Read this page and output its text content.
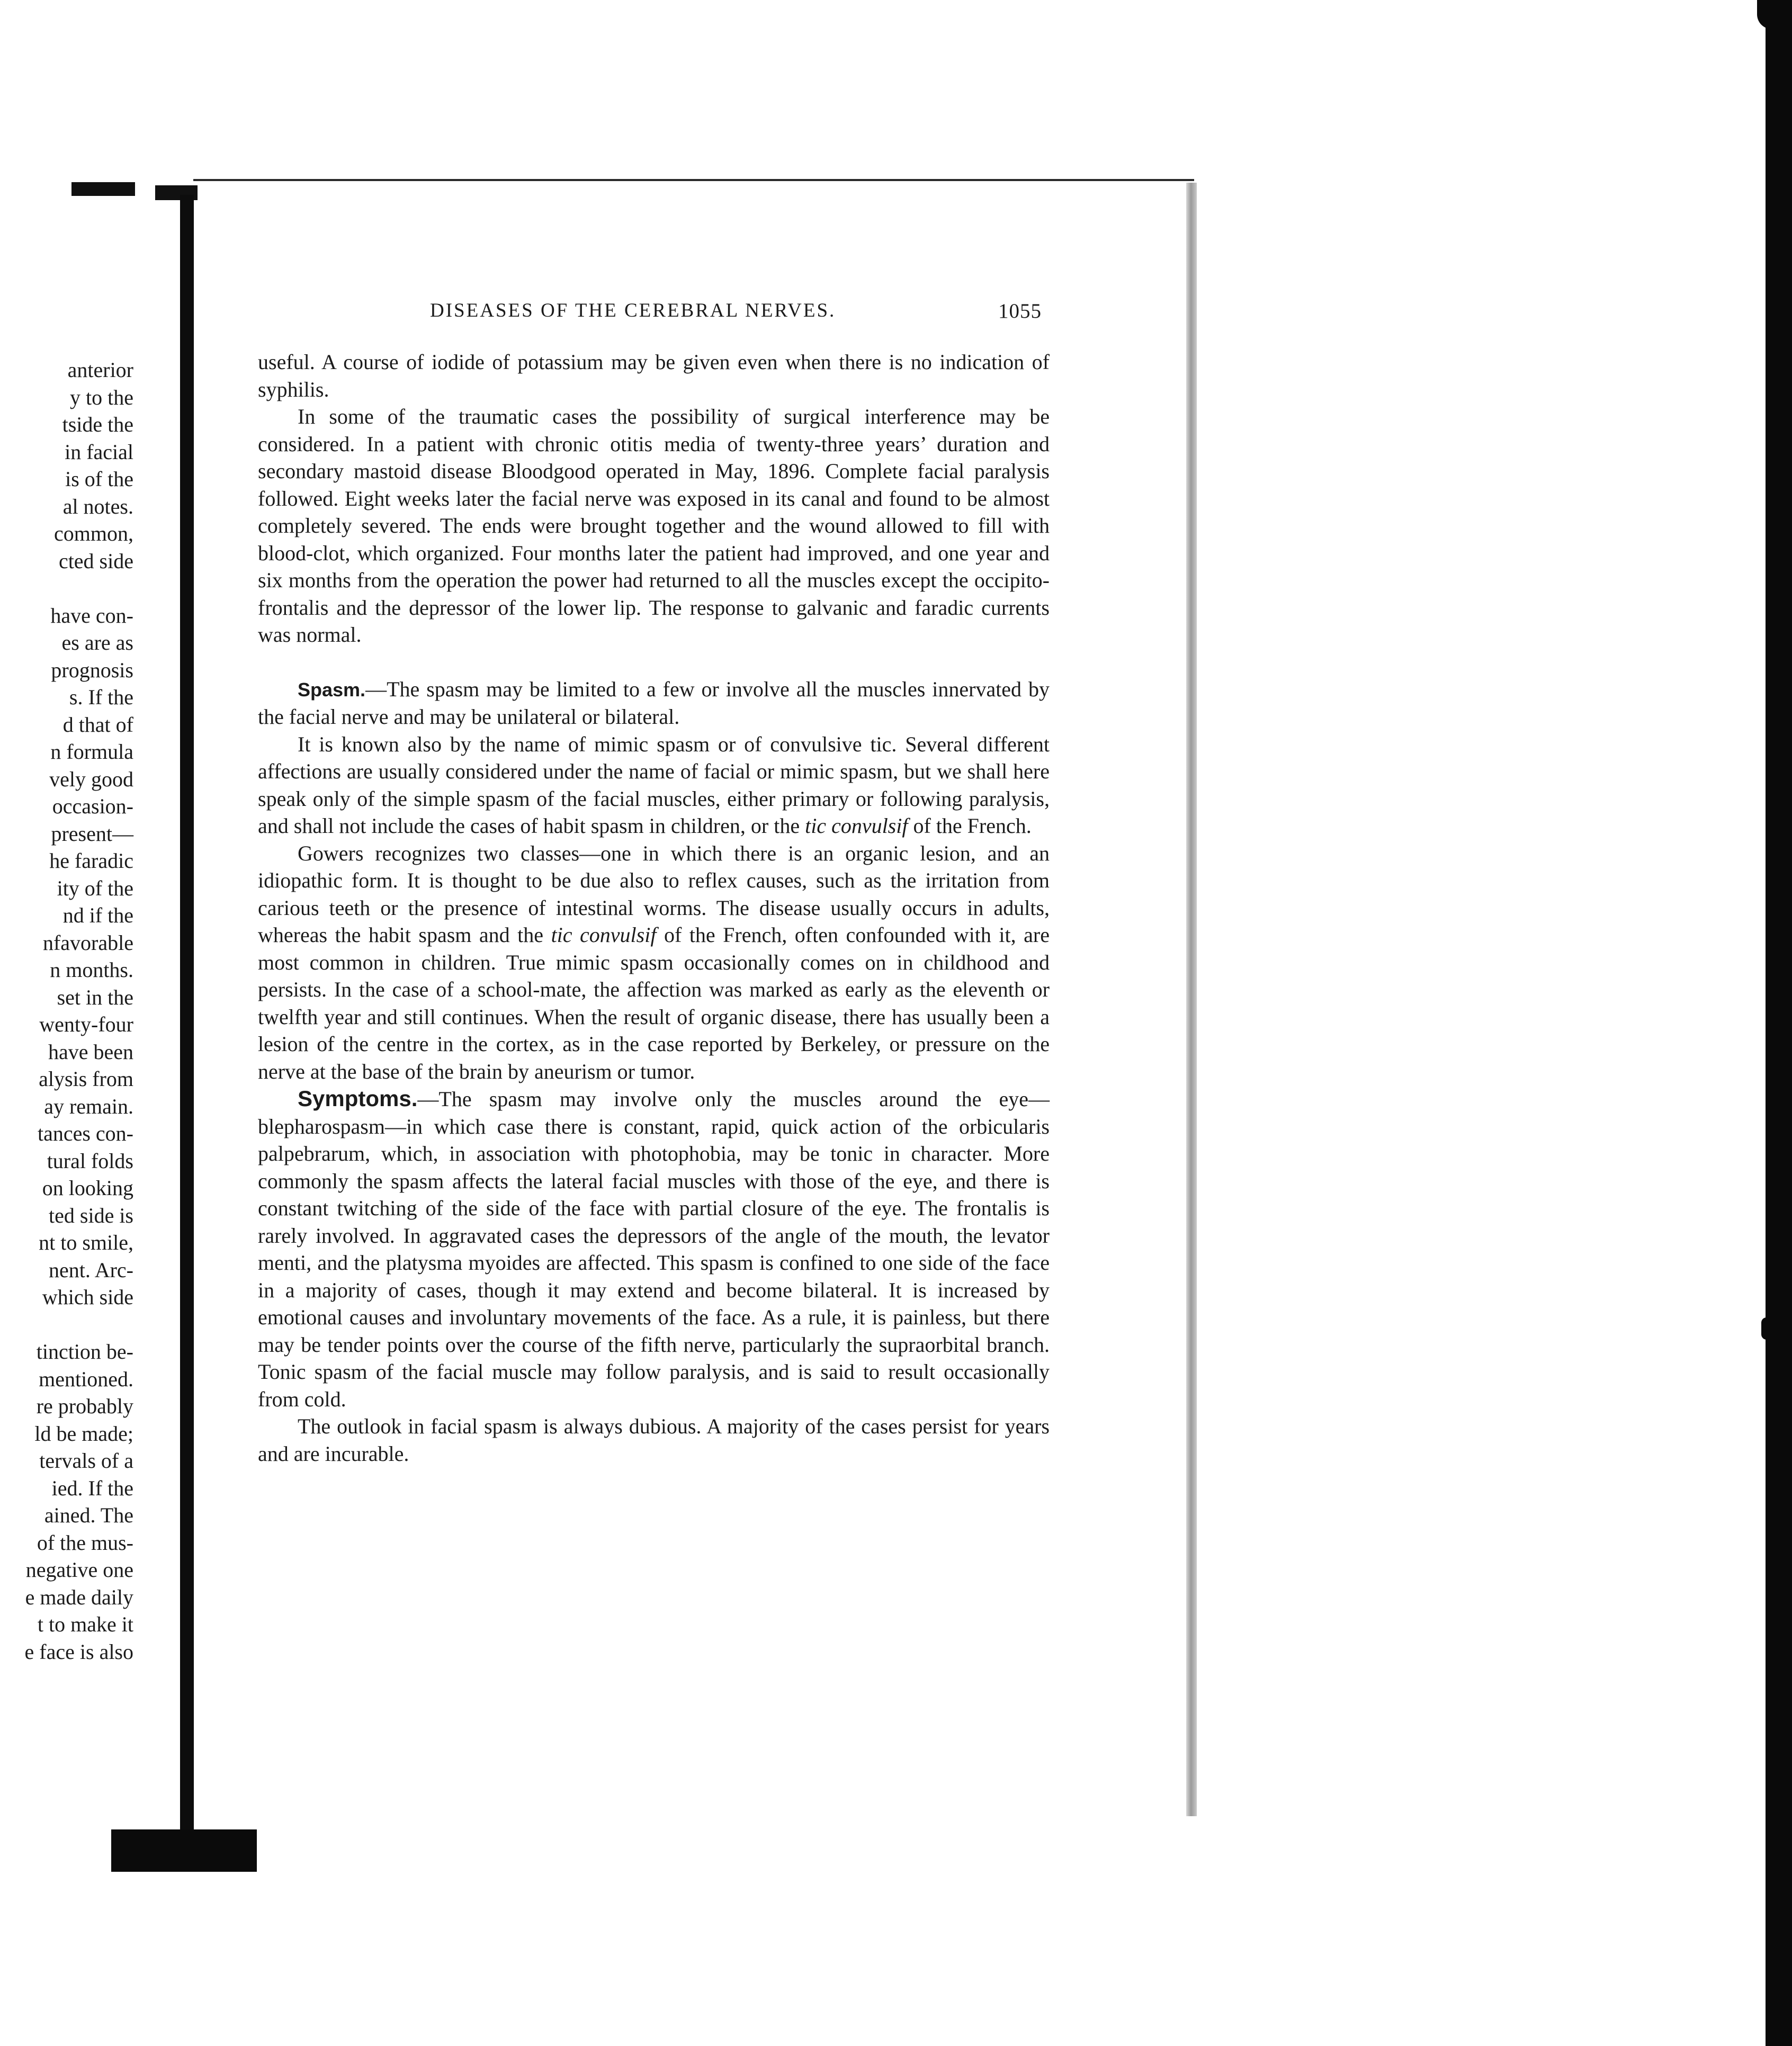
anterior
y to the
tside the
in facial
is of the
al notes.
common,
cted side
have con-
es are as
prognosis
s. If the
d that of
n formula
vely good
occasion-
present—
he faradic
ity of the
nd if the
nfavorable
n months.
set in the
wenty-four
have been
alysis from
ay remain.
tances con-
tural folds
on looking
ted side is
nt to smile,
nent. Arc-
which side
tinction be-
mentioned.
re probably
ld be made;
tervals of a
ied. If the
ained. The
of the mus-
negative one
e made daily
t to make it
e face is also
DISEASES OF THE CEREBRAL NERVES.	1055

useful. A course of iodide of potassium may be given even when there is no indication of syphilis.

In some of the traumatic cases the possibility of surgical interference may be considered. In a patient with chronic otitis media of twenty-three years’ duration and secondary mastoid disease Bloodgood operated in May, 1896. Complete facial paralysis followed. Eight weeks later the facial nerve was exposed in its canal and found to be almost completely severed. The ends were brought together and the wound allowed to fill with blood-clot, which organized. Four months later the patient had improved, and one year and six months from the operation the power had returned to all the muscles except the occipito-frontalis and the depressor of the lower lip. The response to galvanic and faradic currents was normal.

Spasm.—The spasm may be limited to a few or involve all the muscles innervated by the facial nerve and may be unilateral or bilateral.

It is known also by the name of mimic spasm or of convulsive tic. Several different affections are usually considered under the name of facial or mimic spasm, but we shall here speak only of the simple spasm of the facial muscles, either primary or following paralysis, and shall not include the cases of habit spasm in children, or the tic convulsif of the French.

Gowers recognizes two classes—one in which there is an organic lesion, and an idiopathic form. It is thought to be due also to reflex causes, such as the irritation from carious teeth or the presence of intestinal worms. The disease usually occurs in adults, whereas the habit spasm and the tic convulsif of the French, often confounded with it, are most common in children. True mimic spasm occasionally comes on in childhood and persists. In the case of a school-mate, the affection was marked as early as the eleventh or twelfth year and still continues. When the result of organic disease, there has usually been a lesion of the centre in the cortex, as in the case reported by Berkeley, or pressure on the nerve at the base of the brain by aneurism or tumor.

Symptoms.—The spasm may involve only the muscles around the eye—blepharospasm—in which case there is constant, rapid, quick action of the orbicularis palpebrarum, which, in association with photophobia, may be tonic in character. More commonly the spasm affects the lateral facial muscles with those of the eye, and there is constant twitching of the side of the face with partial closure of the eye. The frontalis is rarely involved. In aggravated cases the depressors of the angle of the mouth, the levator menti, and the platysma myoides are affected. This spasm is confined to one side of the face in a majority of cases, though it may extend and become bilateral. It is increased by emotional causes and involuntary movements of the face. As a rule, it is painless, but there may be tender points over the course of the fifth nerve, particularly the supraorbital branch. Tonic spasm of the facial muscle may follow paralysis, and is said to result occasionally from cold.

The outlook in facial spasm is always dubious. A majority of the cases persist for years and are incurable.
